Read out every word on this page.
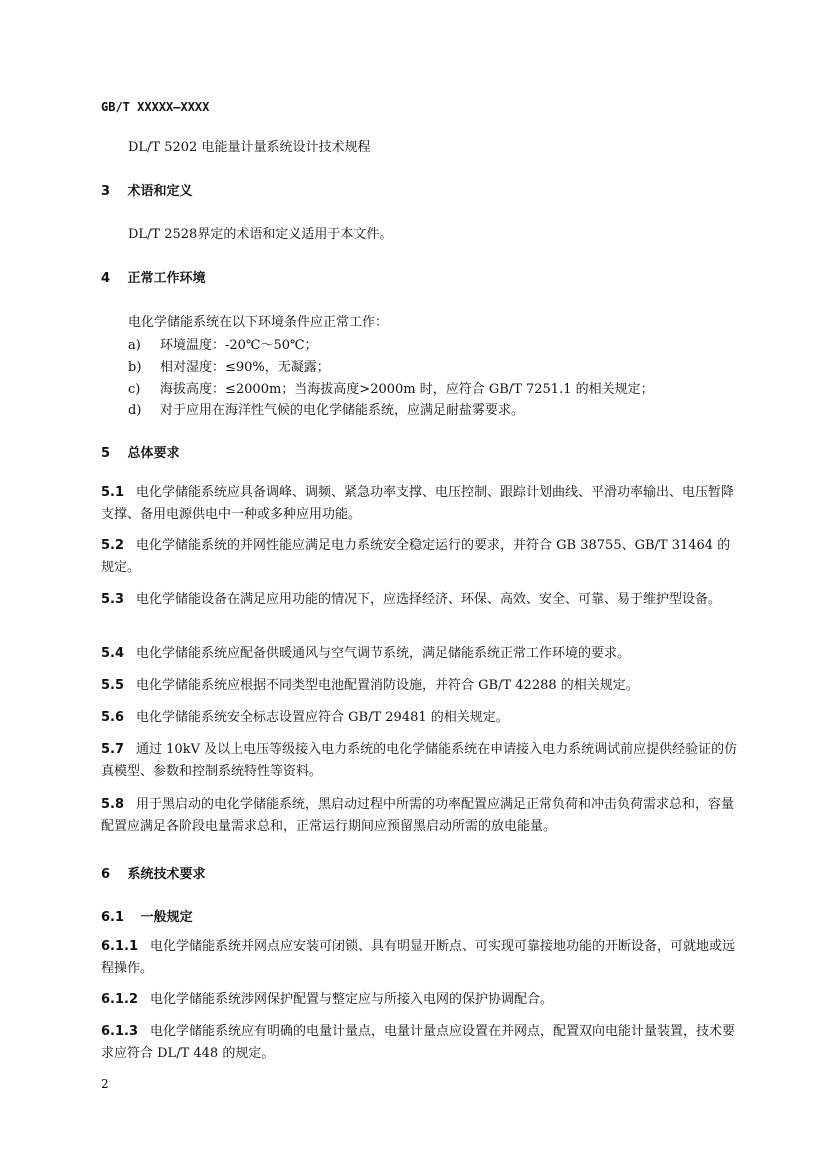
GB/T XXXXX—XXXX
DL/T 5202 电能量计量系统设计技术规程
3 术语和定义
DL/T 2528界定的术语和定义适用于本文件。
4 正常工作环境
电化学储能系统在以下环境条件应正常工作：
a) 环境温度：-20℃～50℃；
b) 相对湿度：≤90%，无凝露；
c) 海拔高度：≤2000m；当海拔高度>2000m 时，应符合 GB/T 7251.1 的相关规定；
d) 对于应用在海洋性气候的电化学储能系统，应满足耐盐雾要求。
5 总体要求
5.1 电化学储能系统应具备调峰、调频、紧急功率支撑、电压控制、跟踪计划曲线、平滑功率输出、电压暂降支撑、备用电源供电中一种或多种应用功能。
5.2 电化学储能系统的并网性能应满足电力系统安全稳定运行的要求，并符合 GB 38755、GB/T 31464 的规定。
5.3 电化学储能设备在满足应用功能的情况下，应选择经济、环保、高效、安全、可靠、易于维护型设备。
5.4 电化学储能系统应配备供暖通风与空气调节系统，满足储能系统正常工作环境的要求。
5.5 电化学储能系统应根据不同类型电池配置消防设施，并符合 GB/T 42288 的相关规定。
5.6 电化学储能系统安全标志设置应符合 GB/T 29481 的相关规定。
5.7 通过 10kV 及以上电压等级接入电力系统的电化学储能系统在申请接入电力系统调试前应提供经验证的仿真模型、参数和控制系统特性等资料。
5.8 用于黑启动的电化学储能系统，黑启动过程中所需的功率配置应满足正常负荷和冲击负荷需求总和，容量配置应满足各阶段电量需求总和，正常运行期间应预留黑启动所需的放电能量。
6 系统技术要求
6.1 一般规定
6.1.1 电化学储能系统并网点应安装可闭锁、具有明显开断点、可实现可靠接地功能的开断设备，可就地或远程操作。
6.1.2 电化学储能系统涉网保护配置与整定应与所接入电网的保护协调配合。
6.1.3 电化学储能系统应有明确的电量计量点，电量计量点应设置在并网点，配置双向电能计量装置，技术要求应符合 DL/T 448 的规定。
2
